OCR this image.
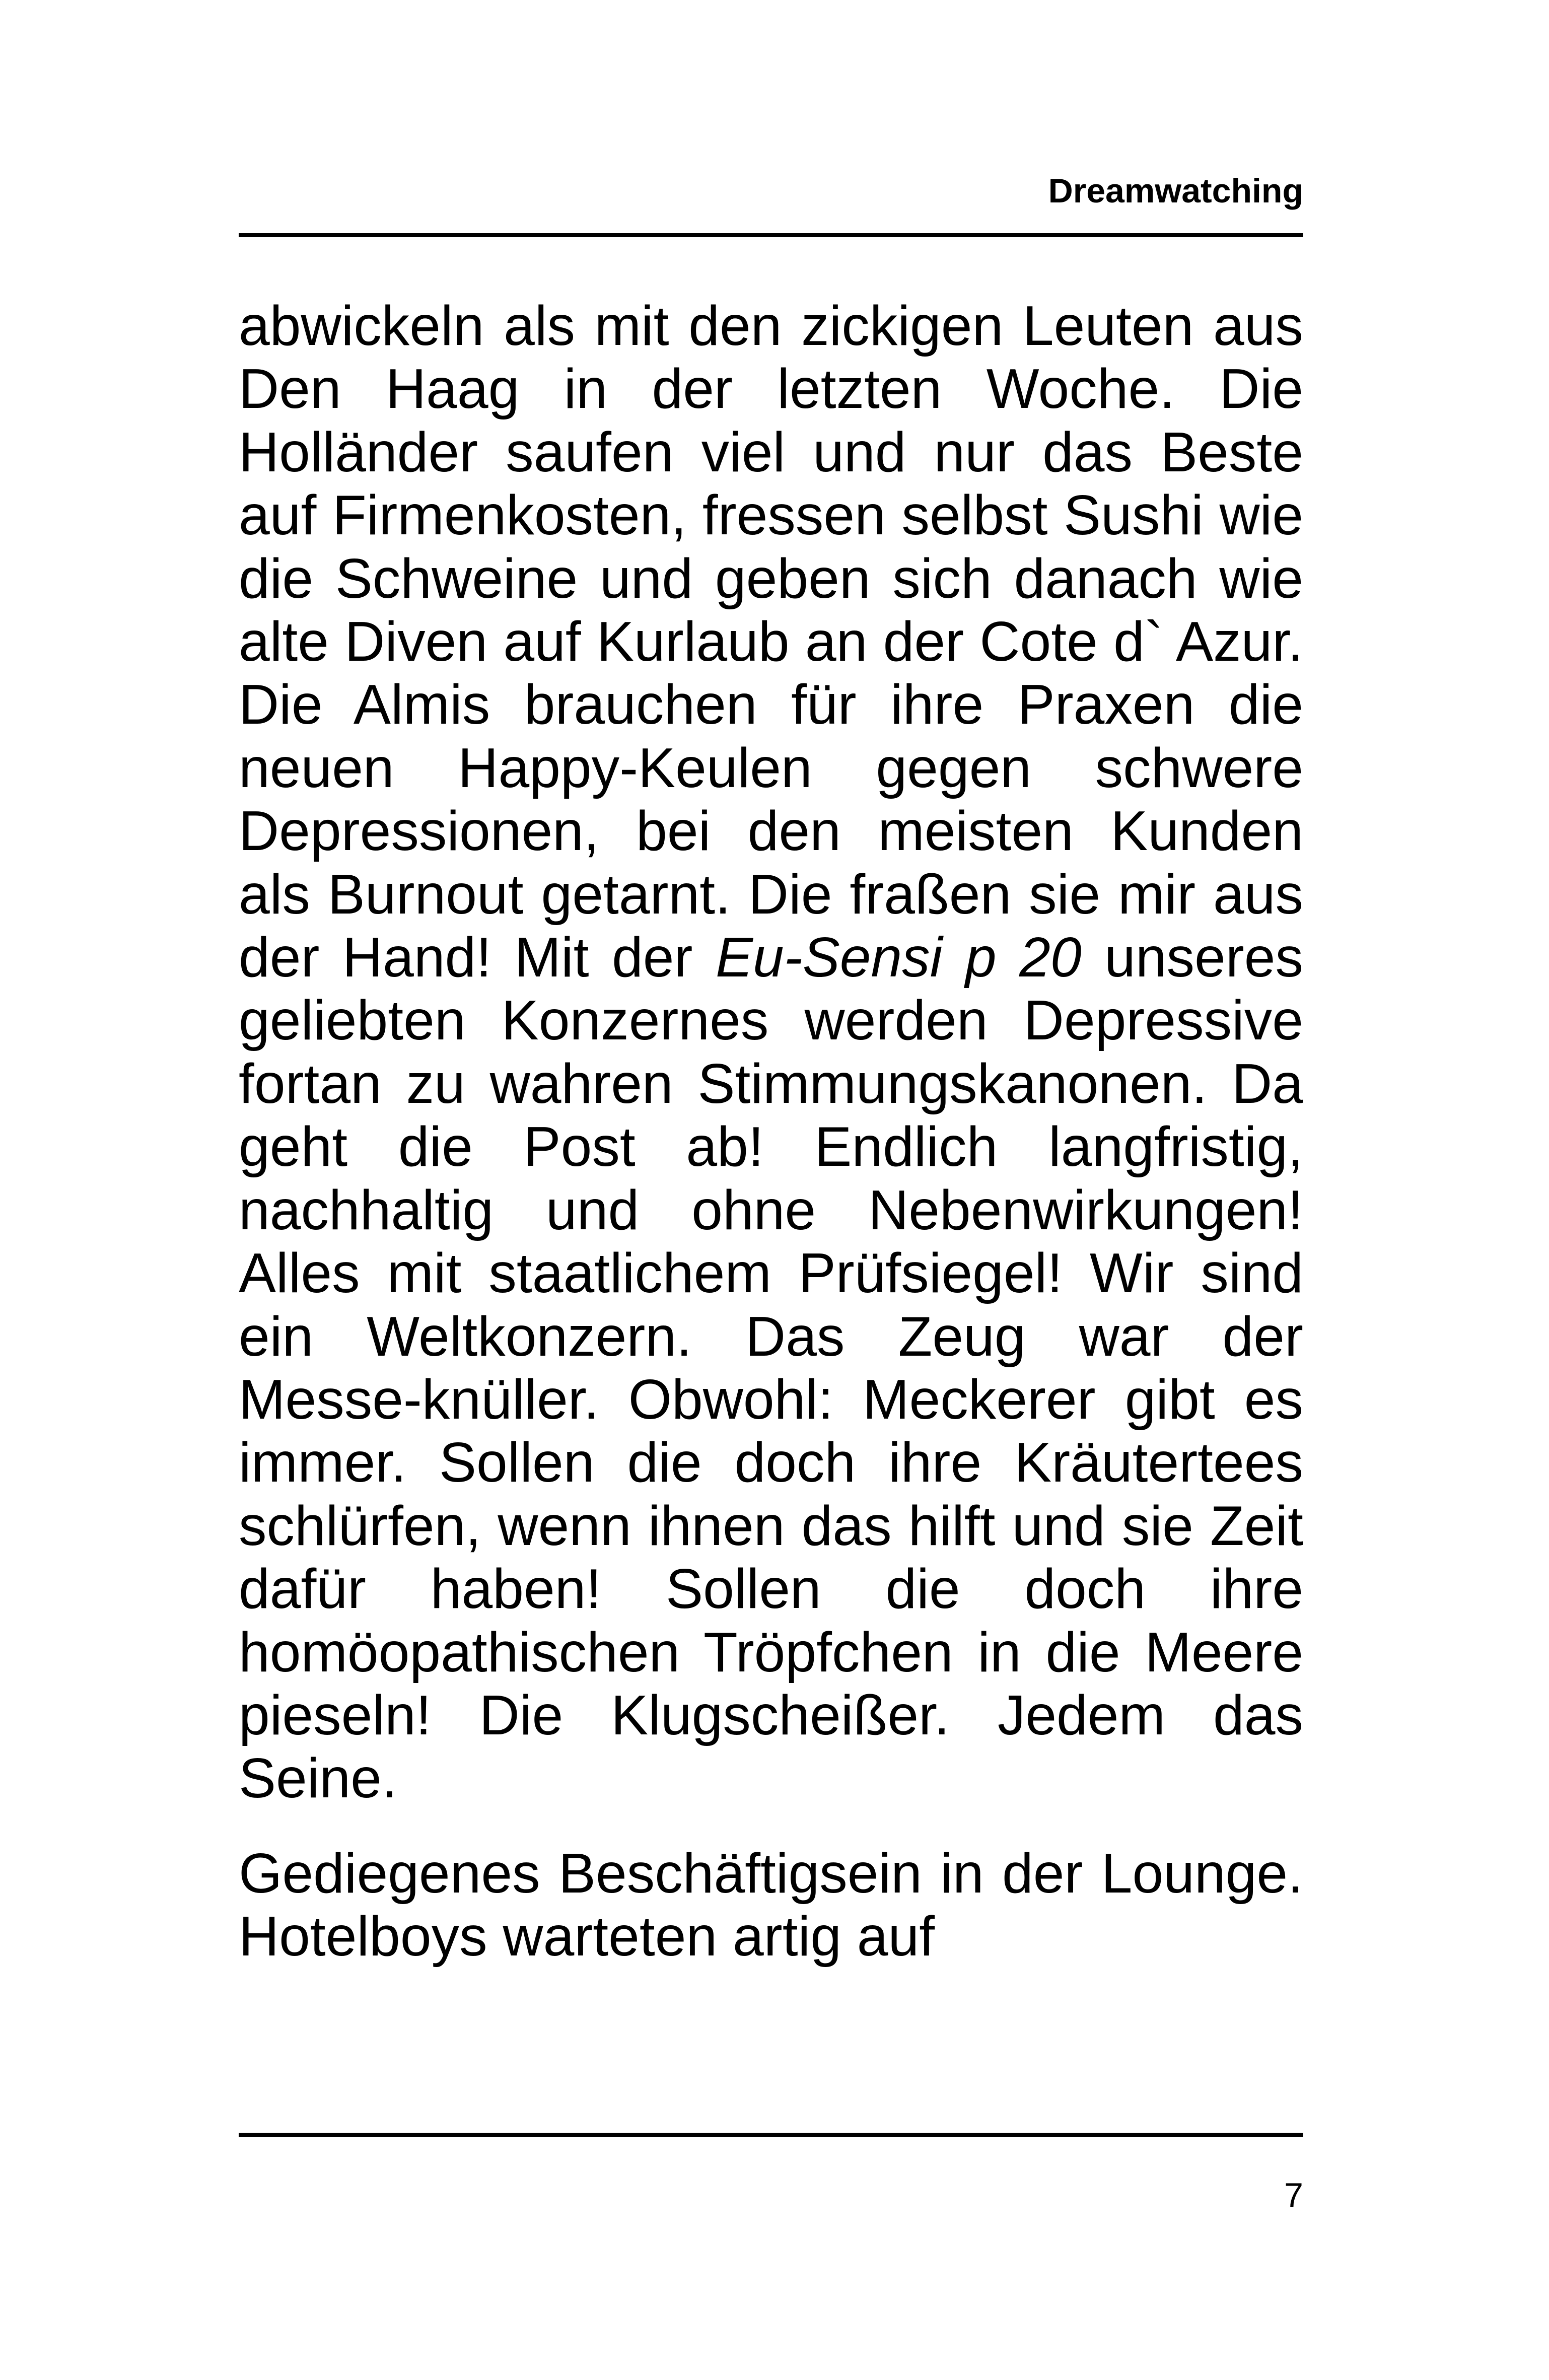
Dreamwatching

abwickeln als mit den zickigen Leuten aus Den Haag in der letzten Woche. Die Holländer saufen viel und nur das Beste auf Firmenkosten, fressen selbst Sushi wie die Schweine und geben sich danach wie alte Diven auf Kurlaub an der Cote d` Azur. Die Almis brauchen für ihre Praxen die neuen Happy-Keulen gegen schwere Depressionen, bei den meisten Kunden als Burnout getarnt. Die fraßen sie mir aus der Hand! Mit der Eu-Sensi p 20 unseres geliebten Konzernes werden Depressive fortan zu wahren Stimmungskanonen. Da geht die Post ab! Endlich langfristig, nachhaltig und ohne Nebenwirkungen! Alles mit staatlichem Prüfsiegel! Wir sind ein Weltkonzern. Das Zeug war der Messe-knüller. Obwohl: Meckerer gibt es immer. Sollen die doch ihre Kräutertees schlürfen, wenn ihnen das hilft und sie Zeit dafür haben! Sollen die doch ihre homöopathischen Tröpfchen in die Meere pieseln! Die Klugscheißer. Jedem das Seine.

Gediegenes Beschäftigsein in der Lounge. Hotelboys warteten artig auf

7
